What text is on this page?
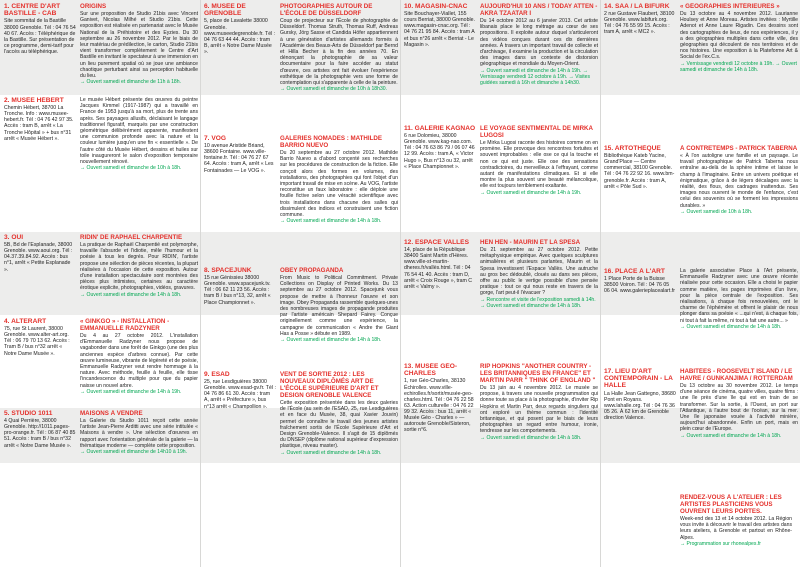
1. CENTRE D'ART BASTILLE - CAB
Site sommital de la Bastille 38000 Grenoble. Tél : 04 76 54 40 67. Accès : Téléphérique de la Bastille. Sur présentation de ce programme, demi-tarif pour l'accès au téléphérique.
ORIGINS
Sur une proposition de Studio 21bis avec Vincent Ganivet, Nicolas Milhé et Studio 21bis. Cette exposition est réalisée en partenariat avec le Musée National de la Préhistoire et des Eyzies. Du 30 septembre au 26 novembre 2012. Par le biais de leur matériau de prédilection, le carton, Studio 21bis vient transformer complètement le Centre d'Art Bastille en invitant le spectateur à une immersion en un lieu purement spatial où se joue une ambiance chaotique perturbant ainsi sa perception habituelle du lieu.
→ Ouvert samedi et dimanche de 11h à 18h.
2. MUSÉE HÉBERT
Chemin Hébert, 38700 La Tronche. Info : www.musee-hebert.fr. Tél : 04 76 42 97 35. Accès : tram B, arrêt « La Tronche Hôpital » + bus n°31 arrêt « Musée Hébert ».
Le musée Hébert présente des œuvres du peintre Jacques Kimmel (1917-1987) qui a travaillé en France de 1953 jusqu'à sa mort, plus de trente ans après. Ses paysages allusifs, déclaisant le langage traditionnel figuratif, marqués par une construction géométrique délibérément apparente, manifestent une communion profonde avec la nature et la couleur lumière jusqu'en une fin « essentielle ». De l'autre côté du Musée Hébert, dessins et huiles sur toile inaugureront le salon d'exposition temporaire nouvellement rénové.
→ Ouvert samedi et dimanche de 10h à 18h.
3. OUI
5B, Bd de l'Esplanade, 38000 Grenoble. www.aoui.org. Tél : 04.37.39.84.92. Accès : bus n°1, arrêt « Petite Esplanade ».
RIDIN' DE RAPHAËL CHARPENTIÉ
La pratique de Raphaël Charpentié est polymorphe, travaille l'absurde et l'idiotie, mêle l'humour et la poésie à tous les degrés. Pour RIDIN', l'artiste propose une sélection de pièces récentes, la plupart réalisées à l'occasion de cette exposition. Autour d'une installation spectaculaire sont montrées des pièces plus intimistes, certaines au caractère érotique explicite, photographies, vidéos, gravures.
→ Ouvert samedi et dimanche de 14h à 18h.
4. ALTERART
75, rue St Laurent, 38000 Grenoble. www.alter-art.org. Tél : 06 79 70 13 62. Accès : Tram B / bus n°32 arrêt « Notre Dame Musée ».
« GINKGO » - INSTALLATION - EMMANUELLE RADZYNER
Du 4 au 27 octobre 2012. L'installation d'Emmanuelle Radzyner nous propose de vagabonder dans une forêt de Ginkgo (une des plus anciennes espèce d'arbres connue). Par cette œuvre lumineuse, vibrante de légèreté et de poésie, Emmanuelle Radzyner veut rendre hommage à la nature. Avec méthode, feuille à feuille, elle tisse l'incandescence du multiple pour que du papier naisse un nouvel arbre.
→ Ouvert samedi et dimanche de 14h à 19h.
5. STUDIO 1011
4 Quai Perrière, 38000 Grenoble. http://1011.pages-pro-orange.fr. Tél : 06 87 40 85 51. Accès : tram B / bus n°32 arrêt « Notre Dame Musée ».
MAISONS À VENDRE
La Galerie du Studio 1011 reçoit cette année l'artiste Jean-Pierre Arditti avec une série intitulée « Maisons à vendre ». Une sélection d'œuvres en rapport avec l'orientation générale de la galerie — la thématique moderne — complète cette proposition.
→ Ouvert samedi et dimanche de 14h10 à 19h.
6. MUSÉE DE GRENOBLE
5, place de Lavalette 38000 Grenoble. www.museedegrenoble.fr. Tél : 04 76 63 44 44. Accès : tram B, arrêt « Notre Dame Musée ».
PHOTOGRAPHIES AUTOUR DE L'ÉCOLE DE DÜSSELDORF
Coup de projecteur sur l'École de photographie de Düsseldorf. Thomas Struth, Thomas Ruff, Andreas Gursky, Jörg Sasse et Candida Höfer appartiennent à une génération d'artistes allemands formés à l'Académie des Beaux-Arts de Düsseldorf par Bernd et Hilla Becher à la fin des années 70. En dénonçant la photographie de sa valeur documentaire pour la faire accéder au statut d'œuvre, ces artistes ont fait évoluer l'expérience esthétique de la photographie vers une forme de contemplation qui s'apparente à celle de la peinture.
→ Ouvert samedi et dimanche de 10h à 18h30.
7. VOG
10 avenue Aristide Briand, 38600 Fontaine. www.ville-fontaine.fr. Tél : 04 76 27 67 64. Accès : tram A, arrêt « Les Fontainades — Le VOG ».
GALERIES NOMADES : MATHILDE BARRIO NUEVO
Du 20 septembre au 27 octobre 2012. Mathilde Barrio Nuevo a d'abord conçenté ses recherches sur les procédures de construction de la fiction. Elle conçoit alors des formes en volumes, des installations, des photographies qui font l'objet d'un important travail de mise en scène. Au VOG, l'artiste reconstitue un faux laboratoire : elle déploie une fouille fictive selon une véracité scientifique avec trois installations dans chacune des salles qui dissimulent des indices et construisent une fiction commune.
→ Ouvert samedi et dimanche de 14h à 18h.
8. SPACEJUNK
15 rue Génissieu 38000 Grenoble. www.spacejunk.tv. Tél : 06 62 11 23 56. Accès : tram B / bus n°13, 32, arrêt « Place Championnet ».
OBEY PROPAGANDA
From Music to Political Commitment. Private Collections on Display of Printed Works. Du 13 septembre au 27 octobre 2012. Spacejunk vous propose de mettre à l'honneur l'œuvre et son image. Obey Propaganda rassemble quelques-unes des nombreuses images de propagande produites par l'artiste américain Shepard Fairey. Conçue originellement comme une expérience, la campagne de communication « Andre the Giant Has a Posse » débute en 1989.
→ Ouvert samedi et dimanche de 14h à 18h.
9. ESAD
25, rue Lesdiguières 38000 Grenoble. www.esad-gv.fr. Tél : 04 76 86 61 30. Accès : tram A, arrêt « Préfecture », bus n°13 arrêt « Champollion ».
VENT DE SORTIE 2012 : LES NOUVEAUX DIPLÔMÉS ART DE L'ÉCOLE SUPÉRIEURE D'ART ET DESIGN GRENOBLE VALENCE
Cette exposition présentée dans les deux galeries de l'École (au sein de l'ESAD, 25, rue Lesdiguières et en face du Musée, 38, quai Xavier Jouvin) permet de connaître le travail des jeunes artistes fraîchement sortis de l'École Supérieure d'Art et Design Grenoble-Valence. Il s'agit de 15 diplômés du DNSEP (diplôme national supérieur d'expression plastique, niveau master).
→ Ouvert samedi et dimanche de 14h à 18h.
10. MAGASIN-CNAC
Site Bouchayer-Viallet, 155 cours Berriat, 38000 Grenoble. www.magasin-cnac.org. Tél : 04 76 21 95 84. Accès : tram A et bus n°26 arrêt « Berriat - Le Magasin ».
AUJOURD'HUI 10 ANS / TODAY ATTEN - AKRA TZAATAR I
Du 14 octobre 2012 au 6 janvier 2013. Cet artiste libanais place le long métrage au cœur de ses propositions. Il exploite autour duquel s'articuleront des vidéos conçues durant ces dix dernières années. À travers un important travail de collecte et d'archivage, il examine la production et la circulation des images dans un contexte de distorsion géographique et mondiale du Moyen-Orient.
→ Ouvert samedi et dimanche de 14h à 19h. → Vernissage vendredi 12 octobre à 19h. → Visites guidées samedi à 16h et dimanche à 14h30.
11. GALERIE KAGNAO
6 rue Dolomieu, 38000 Grenoble. www.kag-nao.com. Tél : 04 76 63 86 79 / 06 07 46 12 99. Accès : tram A, « Victor Hugo », Bus n°13 ou 32, arrêt « Place Championnet ».
LE VOYAGE SENTIMENTAL DE MIRKA LUGOSI
Le Mirka Lugosi raconte des histoires comme on en promène. Elle provoque des rencontres fortuites et souvent improbables : elle ose ce qui la touche et non ce qui est juste. Elle ose des sensations contradictoires, du merveilleux à l'effrayant, comme autant de manifestations climatiques. Et si elle montre la plus souvent une beauté mélancolique, elle est toujours terriblement exaltante.
→ Ouvert samedi et dimanche de 14h à 19h.
12. ESPACE VALLÈS
14, place de la République 38400 Saint Martin d'Hères. www.ville-st-martin-dheres.fr/vallès.html. Tél : 04 76 54 41 40. Accès : tram D, arrêt « Croix Rouge », tram C arrêt « Valmy ».
HEN HEN - MAURIN ET LA SPESA
Du 21 septembre au 27 octobre 2012. Petite métaphysique empirique. Avec quelques sculptures animalières et plusieurs parlantes, Maurin et la Spesa investissent l'Espace Vallès. Une autruche au gros bec dédoublé, cloués au dans ses pièces, offre au public le vertige possible d'une pensée pratique : tout ce qui nous reste en travers de la gorge, l'art peut-il l'évacuer ?
→ Rencontre et visite de l'exposition samedi à 14h. → Ouvert samedi et dimanche de 14h à 18h.
13. MUSÉE GÉO-CHARLES
1, rue Géo-Charles, 38130 Échirolles. www.ville-echirolles.fr/sortir/musée-geo-charles.html. Tél : 04 76 22 58 63. Action culturelle : 04 76 22 99 32. Accès : bus 11, arrêt « Musée Géo - Charles » — autoroute Grenoble/Sisteron, sortie n°6.
RIP HOPKINS "ANOTHER COUNTRY - LES BRITANNIQUES EN FRANCE" ET MARTIN PARR " THINK OF ENGLAND "
Du 13 juin au 4 novembre 2012. Le musée se propose, à travers une nouvelle programmation qui donne toute sa place à la photographie, d'inviter Rip Hopkins et Martin Parr, deux regards singuliers qui ont exploré un thème commun : l'identité britannique, et qui posent par le biais de leurs photographies un regard entre humour, ironie, tendresse sur les comportements.
→ Ouvert samedi et dimanche de 14h à 18h.
14. SAA / LA BIFURK
2 rue Gustave Flaubert, 38100 Grenoble. www.labifurk.org. Tél : 04 76 55 99 15. Accès : tram A, arrêt « MC2 ».
« GÉOGRAPHIES INTÉRIEURES »
Du 13 octobre au 4 novembre 2012. Laurianne Houlsey et Anne Moreau. Artistes invitées : Myrtille Adenot et Anne Laure Rigadin. Ces dessins sont des cartographies de lieux, de nos expériences, il y a des géographies multiples dans cette ville, des géographies qui découlent de nos territoires et de nos histoires. Une exposition à la Plateforme Art & Social de l'ex.C.s.
→ Vernissage vendredi 12 octobre à 19h. → Ouvert samedi et dimanche de 14h à 18h.
15. ARTOTHÈQUE
Bibliothèque Kateb Yacine, Grand'Place — Centre commercial, 38100 Grenoble. Tél : 04 76 22 92 16. www.bm-grenoble.fr. Accès : tram A, arrêt « Pôle Sud ».
À CONTRETEMPS - PATRICK TABERNA
« À l'on autoligne une famille et un paysage. Le travail photographique de Patrick Taberna nous entraîne au-delà de la sphère intime et laisse le champ à l'imaginaire. Entre un univers poétique et énigmatique, grâce à de légers décalages avec la réalité, des flous, des cadrages inattendus. Ses images nous ouvrent le monde de l'enfance, c'est celui des souvenirs où se forment les impressions durables. »
→ Ouvert samedi de 10h à 18h.
16. PLACE À L'ART
1 Place Porte de la Buisse 38500 Voiron. Tél : 04 76 05 06 04. www.galerieplacealart.fr
La galerie associative Place à l'Art présente, Emmanuelle Radzyner avec une œuvre récente réalisée pour cette occasion. Elle a choisi le papier comme matière, les pages imprimées d'un livre, pour la pièce centrale de l'exposition. Ses réalisations, à chaque fois renouvelées, ont le charme de l'éphémère et offrent le plaisir de nous plonger dans sa poésie « ...qui n'est, à chaque fois, ni tout à fait la même, ni tout à fait une autre... »
→ Ouvert samedi et dimanche de 14h à 18h.
17. LIEU D'ART CONTEMPORAIN - LA HALLE
La Halle Jean Gattegno, 38680 Pont en Royans. www.lahalle.org. Tél : 04 76 36 05 26. À 62 km de Grenoble direction Valence.
HABITÉES - ROOSEVELT ISLAND / LE HAVRE / GUNKANJIMA / ROTTERDAM
Du 13 octobre au 30 novembre 2012. Le temps d'une séance de cinéma, quatre villes, quatre films : une île près d'une île qui est en train de se transformer. Sur la sortie, à l'Ouest, un port sur l'Atlantique, à l'autre bout de l'océan, sur la mer. Une île japonaise vouée à l'activité minière, aujourd'hui abandonnée. Enfin un port, mais en plein cœur de l'Europe.
→ Ouvert samedi et dimanche de 14h à 18h.
RENDEZ-VOUS À L'ATELIER : LES ARTISTES PLASTICIENS VOUS OUVRENT LEURS PORTES.
Week-end des 13 et 14 octobre 2012. La Région vous invite à découvrir le travail des artistes dans leurs ateliers, à Grenoble et partout en Rhône-Alpes.
→ Programmation sur rhonealpes.fr
